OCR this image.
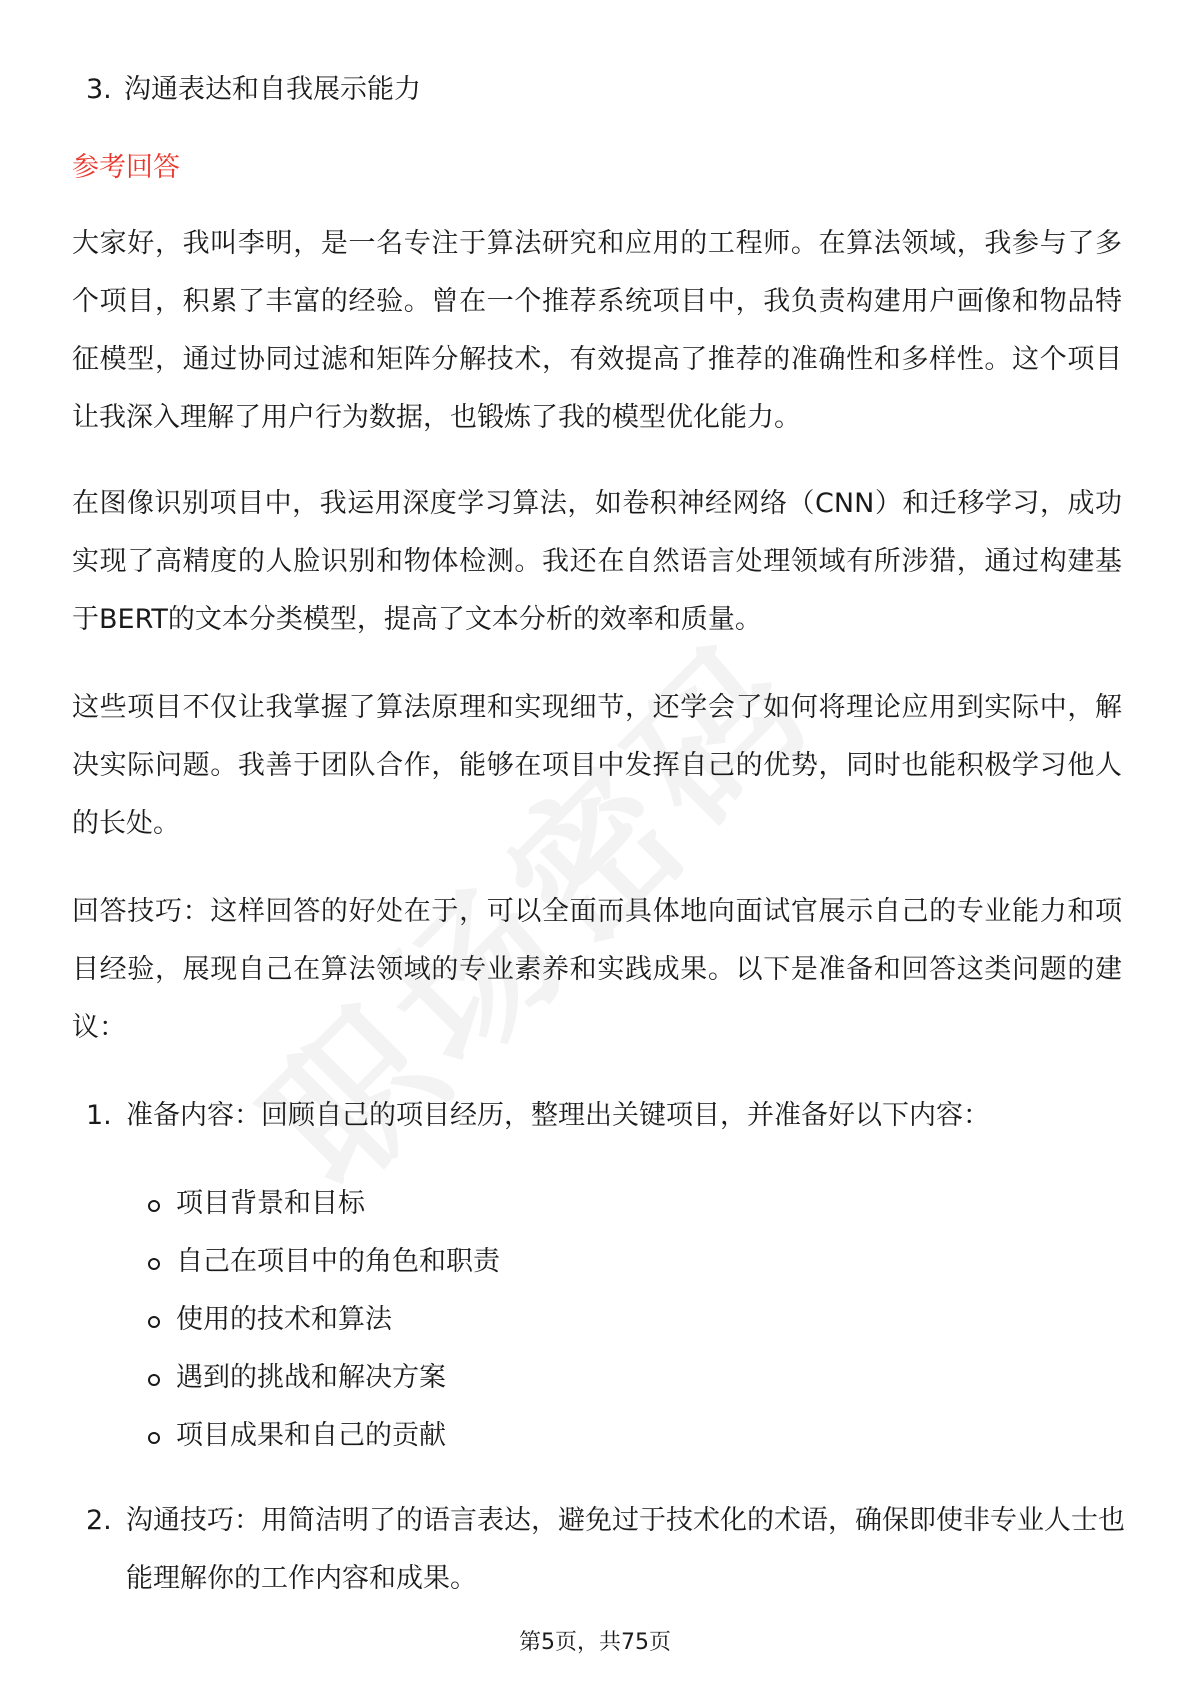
3. 沟通表达和自我展示能力
参考回答
大家好，我叫李明，是一名专注于算法研究和应用的工程师。在算法领域，我参与了多个项目，积累了丰富的经验。曾在一个推荐系统项目中，我负责构建用户画像和物品特征模型，通过协同过滤和矩阵分解技术，有效提高了推荐的准确性和多样性。这个项目让我深入理解了用户行为数据，也锻炼了我的模型优化能力。
在图像识别项目中，我运用深度学习算法，如卷积神经网络（CNN）和迁移学习，成功实现了高精度的人脸识别和物体检测。我还在自然语言处理领域有所涉猎，通过构建基于BERT的文本分类模型，提高了文本分析的效率和质量。
这些项目不仅让我掌握了算法原理和实现细节，还学会了如何将理论应用到实际中，解决实际问题。我善于团队合作，能够在项目中发挥自己的优势，同时也能积极学习他人的长处。
回答技巧：这样回答的好处在于，可以全面而具体地向面试官展示自己的专业能力和项目经验，展现自己在算法领域的专业素养和实践成果。以下是准备和回答这类问题的建议：
1. 准备内容：回顾自己的项目经历，整理出关键项目，并准备好以下内容：
项目背景和目标
自己在项目中的角色和职责
使用的技术和算法
遇到的挑战和解决方案
项目成果和自己的贡献
2. 沟通技巧：用简洁明了的语言表达，避免过于技术化的术语，确保即使非专业人士也能理解你的工作内容和成果。
第5页，共75页
